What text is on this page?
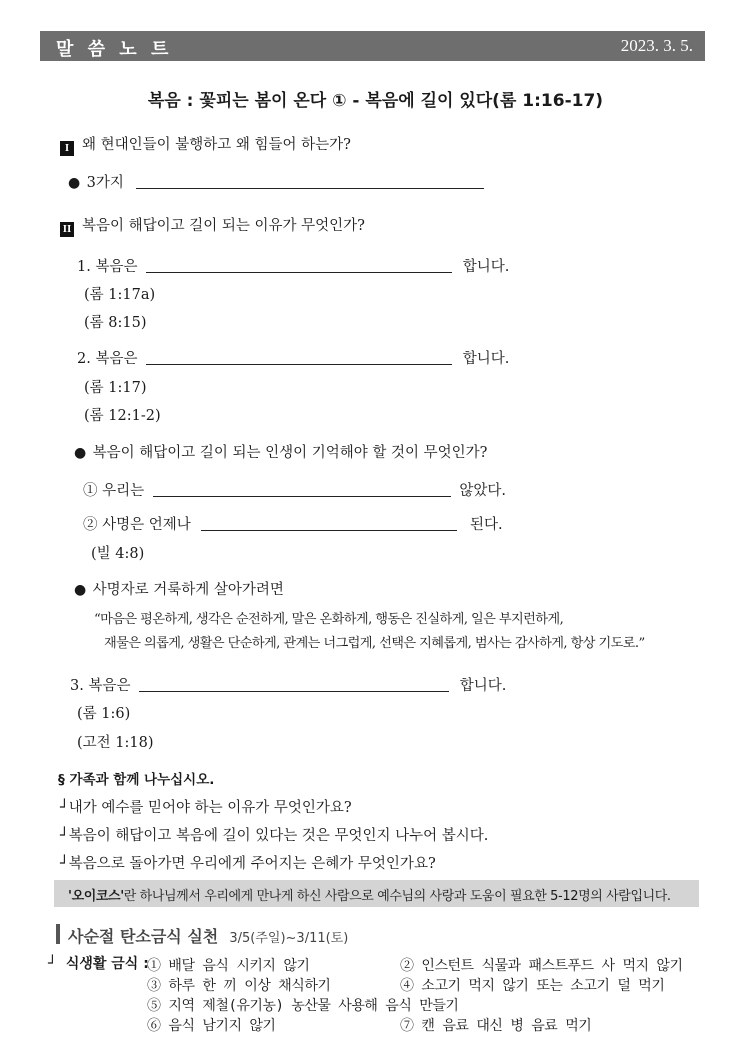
말 씀 노 트	2023. 3. 5.
복음 : 꽃피는 봄이 온다 ① - 복음에 길이 있다(롬 1:16-17)
I 왜 현대인들이 불행하고 왜 힘들어 하는가?
● 3가지
II 복음이 해답이고 길이 되는 이유가 무엇인가?
1. 복음은	합니다.
(롬 1:17a)
(롬 8:15)
2. 복음은	합니다.
(롬 1:17)
(롬 12:1-2)
● 복음이 해답이고 길이 되는 인생이 기억해야 할 것이 무엇인가?
① 우리는	않았다.
② 사명은 언제나	된다.
(빌 4:8)
● 사명자로 거룩하게 살아가려면
“마음은 평온하게, 생각은 순전하게, 말은 온화하게, 행동은 진실하게, 일은 부지런하게,
재물은 의롭게, 생활은 단순하게, 관계는 너그럽게, 선택은 지혜롭게, 범사는 감사하게, 항상 기도로.”
3. 복음은	합니다.
(롬 1:6)
(고전 1:18)
§ 가족과 함께 나누십시오.
┘내가 예수를 믿어야 하는 이유가 무엇인가요?
┘복음이 해답이고 복음에 길이 있다는 것은 무엇인지 나누어 봅시다.
┘복음으로 돌아가면 우리에게 주어지는 은혜가 무엇인가요?
'오이코스'란 하나님께서 우리에게 만나게 하신 사람으로 예수님의 사랑과 도움이 필요한 5-12명의 사람입니다.
사순절 탄소금식 실천 3/5(주일)~3/11(토)
┘ 식생활 금식 :
① 배달 음식 시키지 않기	② 인스턴트 식물과 패스트푸드 사 먹지 않기
③ 하루 한 끼 이상 채식하기	④ 소고기 먹지 않기 또는 소고기 덜 먹기
⑤ 지역 제철(유기농) 농산물 사용해 음식 만들기
⑥ 음식 남기지 않기	⑦ 캔 음료 대신 병 음료 먹기
